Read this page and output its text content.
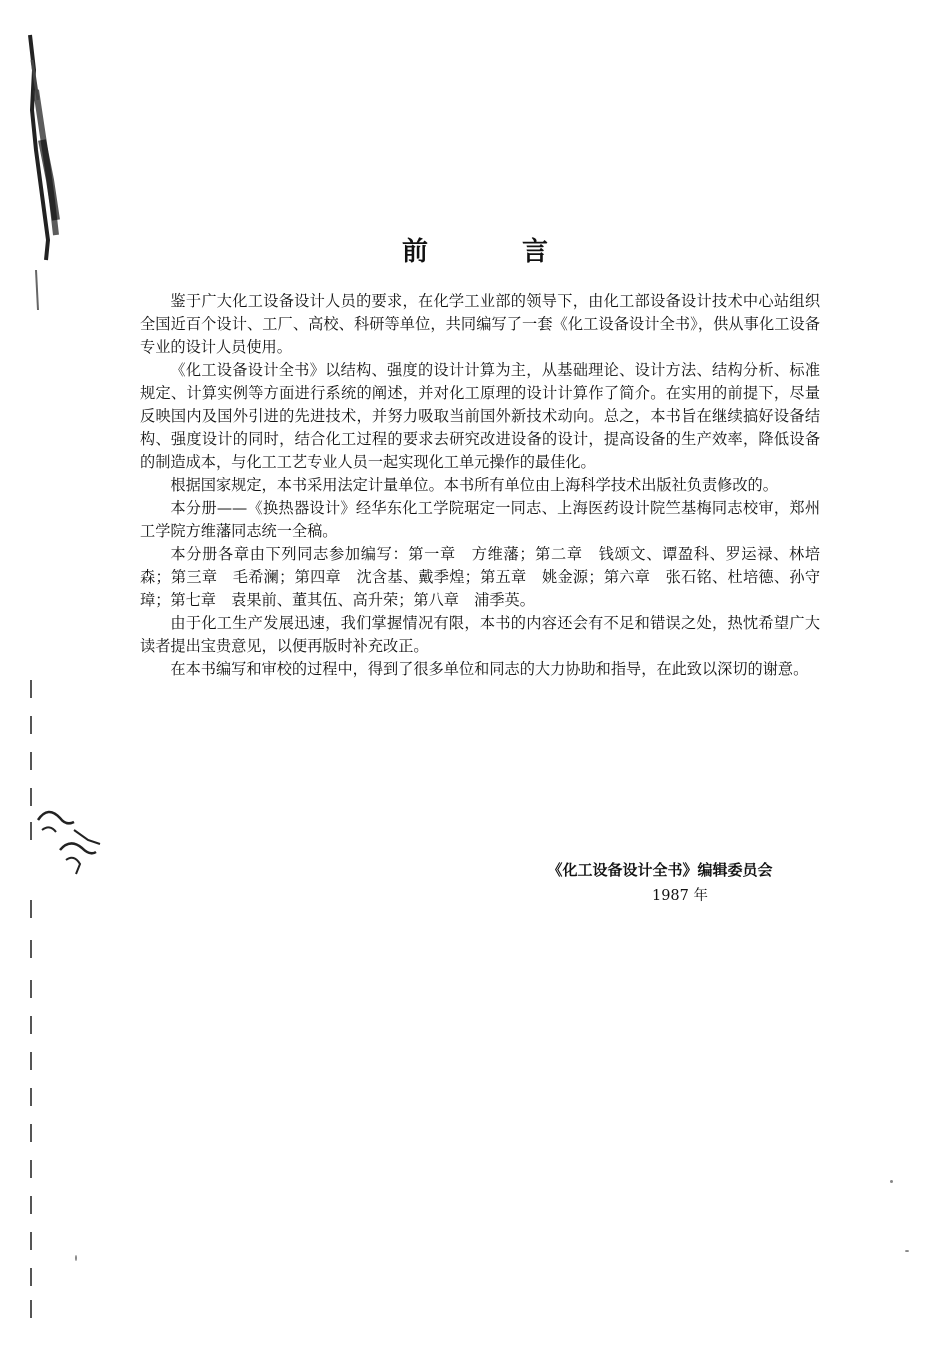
前　言

鉴于广大化工设备设计人员的要求，在化学工业部的领导下，由化工部设备设计技术中心站组织全国近百个设计、工厂、高校、科研等单位，共同编写了一套《化工设备设计全书》，供从事化工设备专业的设计人员使用。

《化工设备设计全书》以结构、强度的设计计算为主，从基础理论、设计方法、结构分析、标准规定、计算实例等方面进行系统的阐述，并对化工原理的设计计算作了简介。在实用的前提下，尽量反映国内及国外引进的先进技术，并努力吸取当前国外新技术动向。总之，本书旨在继续搞好设备结构、强度设计的同时，结合化工过程的要求去研究改进设备的设计，提高设备的生产效率，降低设备的制造成本，与化工工艺专业人员一起实现化工单元操作的最佳化。

根据国家规定，本书采用法定计量单位。本书所有单位由上海科学技术出版社负责修改的。

本分册——《换热器设计》经华东化工学院琚定一同志、上海医药设计院竺基梅同志校审，郑州工学院方维藩同志统一全稿。

本分册各章由下列同志参加编写：第一章　方维藩；第二章　钱颂文、谭盈科、罗运禄、林培森；第三章　毛希澜；第四章　沈含基、戴季煌；第五章　姚金源；第六章　张石铭、杜培德、孙守璋；第七章　袁果前、董其伍、高升荣；第八章　浦季英。

由于化工生产发展迅速，我们掌握情况有限，本书的内容还会有不足和错误之处，热忱希望广大读者提出宝贵意见，以便再版时补充改正。

在本书编写和审校的过程中，得到了很多单位和同志的大力协助和指导，在此致以深切的谢意。

《化工设备设计全书》编辑委员会
1987 年
